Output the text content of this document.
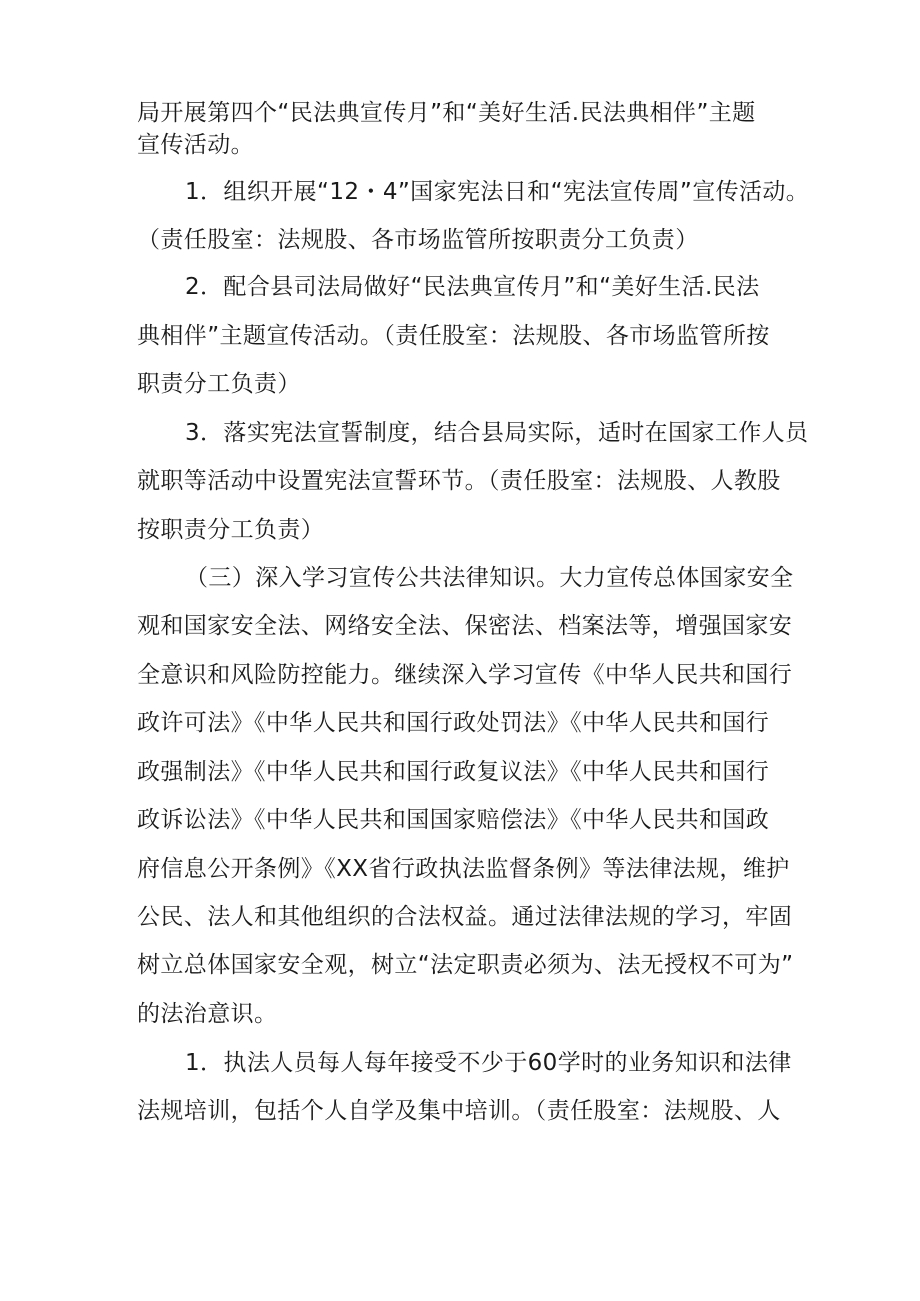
局开展第四个“民法典宣传月”和“美好生活.民法典相伴”主题

宣传活动。

1．组织开展“12・4”国家宪法日和“宪法宣传周”宣传活动。

（责任股室：法规股、各市场监管所按职责分工负责）

2．配合县司法局做好“民法典宣传月”和“美好生活.民法

典相伴”主题宣传活动。（责任股室：法规股、各市场监管所按

职责分工负责）

3．落实宪法宣誓制度，结合县局实际，适时在国家工作人员

就职等活动中设置宪法宣誓环节。（责任股室：法规股、人教股

按职责分工负责）

（三）深入学习宣传公共法律知识。大力宣传总体国家安全

观和国家安全法、网络安全法、保密法、档案法等，增强国家安

全意识和风险防控能力。继续深入学习宣传《中华人民共和国行

政许可法》《中华人民共和国行政处罚法》《中华人民共和国行

政强制法》《中华人民共和国行政复议法》《中华人民共和国行

政诉讼法》《中华人民共和国国家赔偿法》《中华人民共和国政

府信息公开条例》《XX省行政执法监督条例》等法律法规，维护

公民、法人和其他组织的合法权益。通过法律法规的学习，牢固

树立总体国家安全观，树立“法定职责必须为、法无授权不可为”

的法治意识。

1．执法人员每人每年接受不少于60学时的业务知识和法律

法规培训，包括个人自学及集中培训。（责任股室：法规股、人
